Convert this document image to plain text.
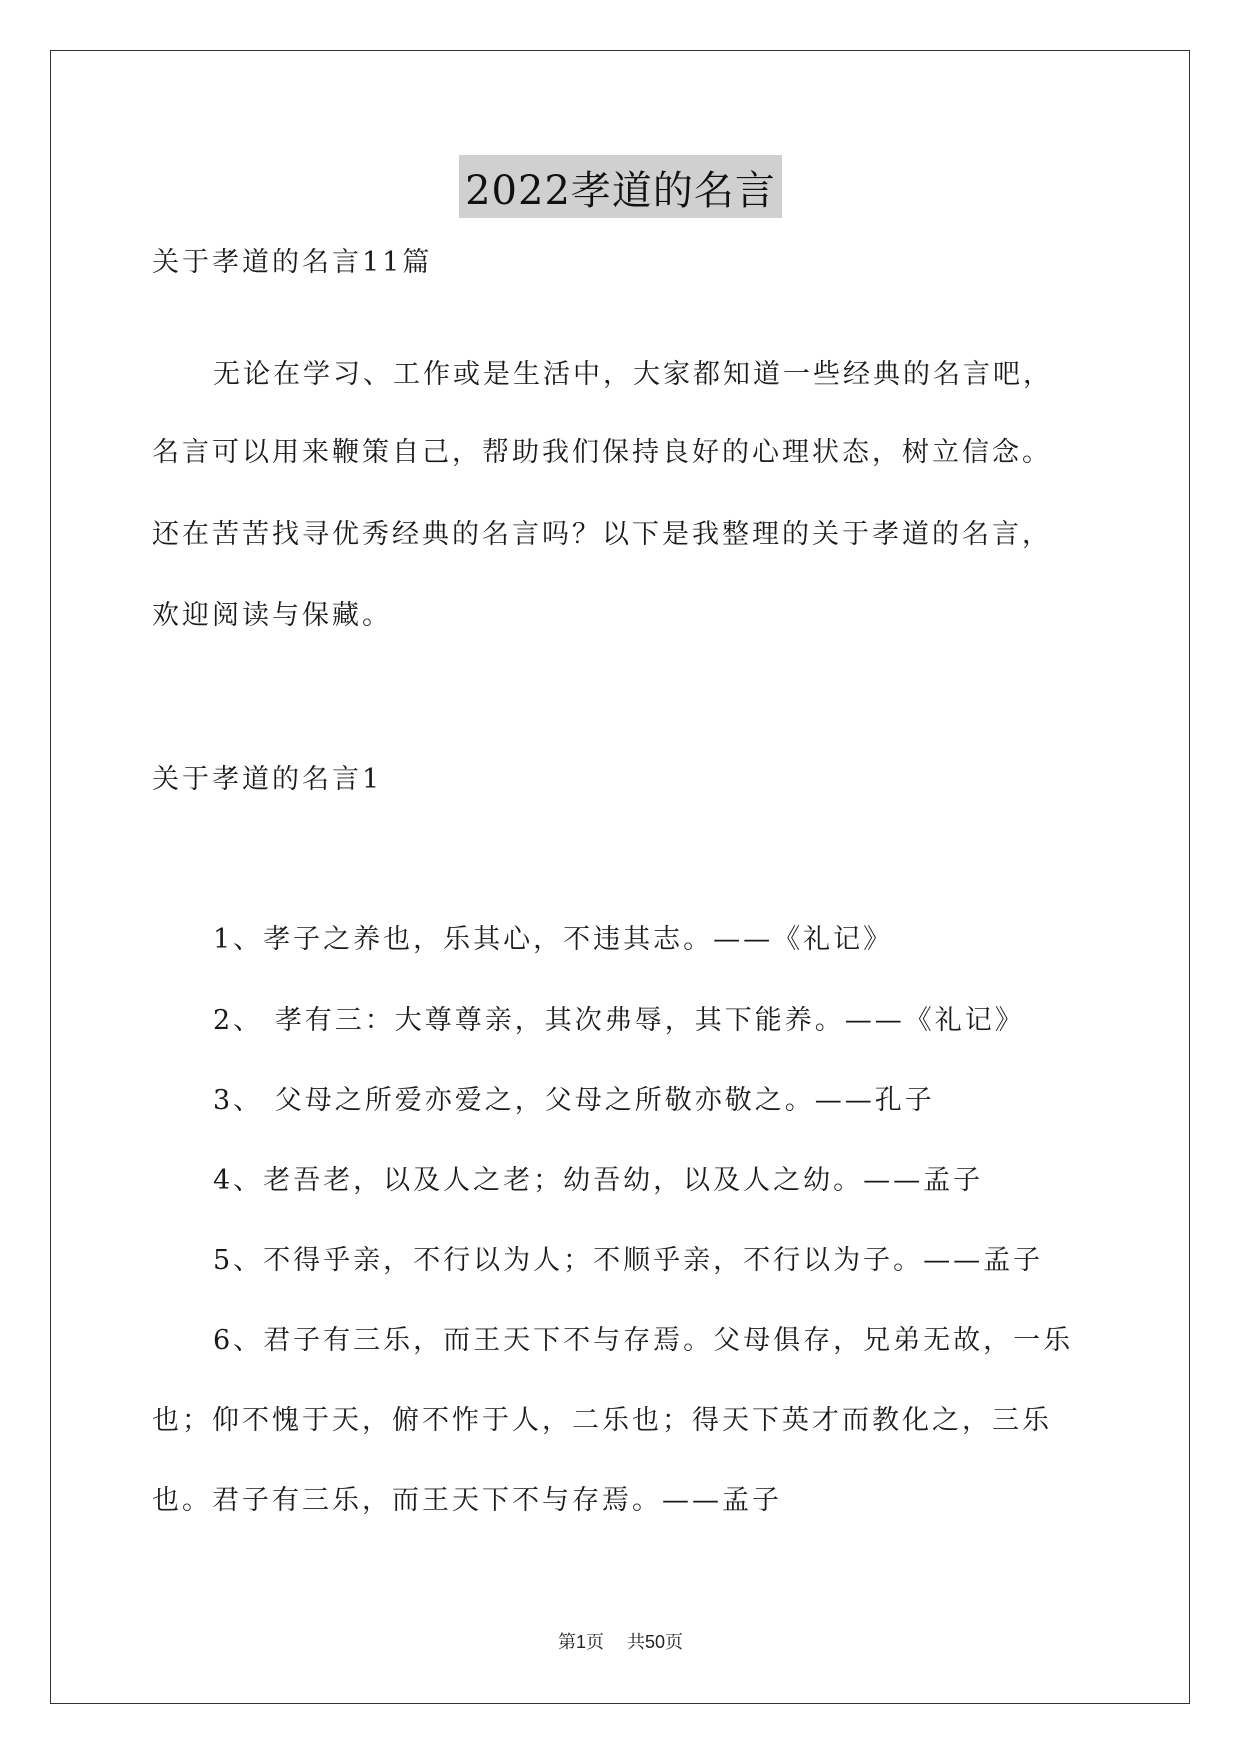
2022孝道的名言
关于孝道的名言11篇
无论在学习、工作或是生活中，大家都知道一些经典的名言吧，
名言可以用来鞭策自己，帮助我们保持良好的心理状态，树立信念。
还在苦苦找寻优秀经典的名言吗？以下是我整理的关于孝道的名言，
欢迎阅读与保藏。
关于孝道的名言1
1、孝子之养也，乐其心，不违其志。——《礼记》
2、 孝有三：大尊尊亲，其次弗辱，其下能养。——《礼记》
3、 父母之所爱亦爱之，父母之所敬亦敬之。——孔子
4、老吾老，以及人之老；幼吾幼，以及人之幼。——孟子
5、不得乎亲，不行以为人；不顺乎亲，不行以为子。——孟子
6、君子有三乐，而王天下不与存焉。父母俱存，兄弟无故，一乐
也；仰不愧于天，俯不怍于人，二乐也；得天下英才而教化之，三乐
也。君子有三乐，而王天下不与存焉。——孟子
第1页 共50页
